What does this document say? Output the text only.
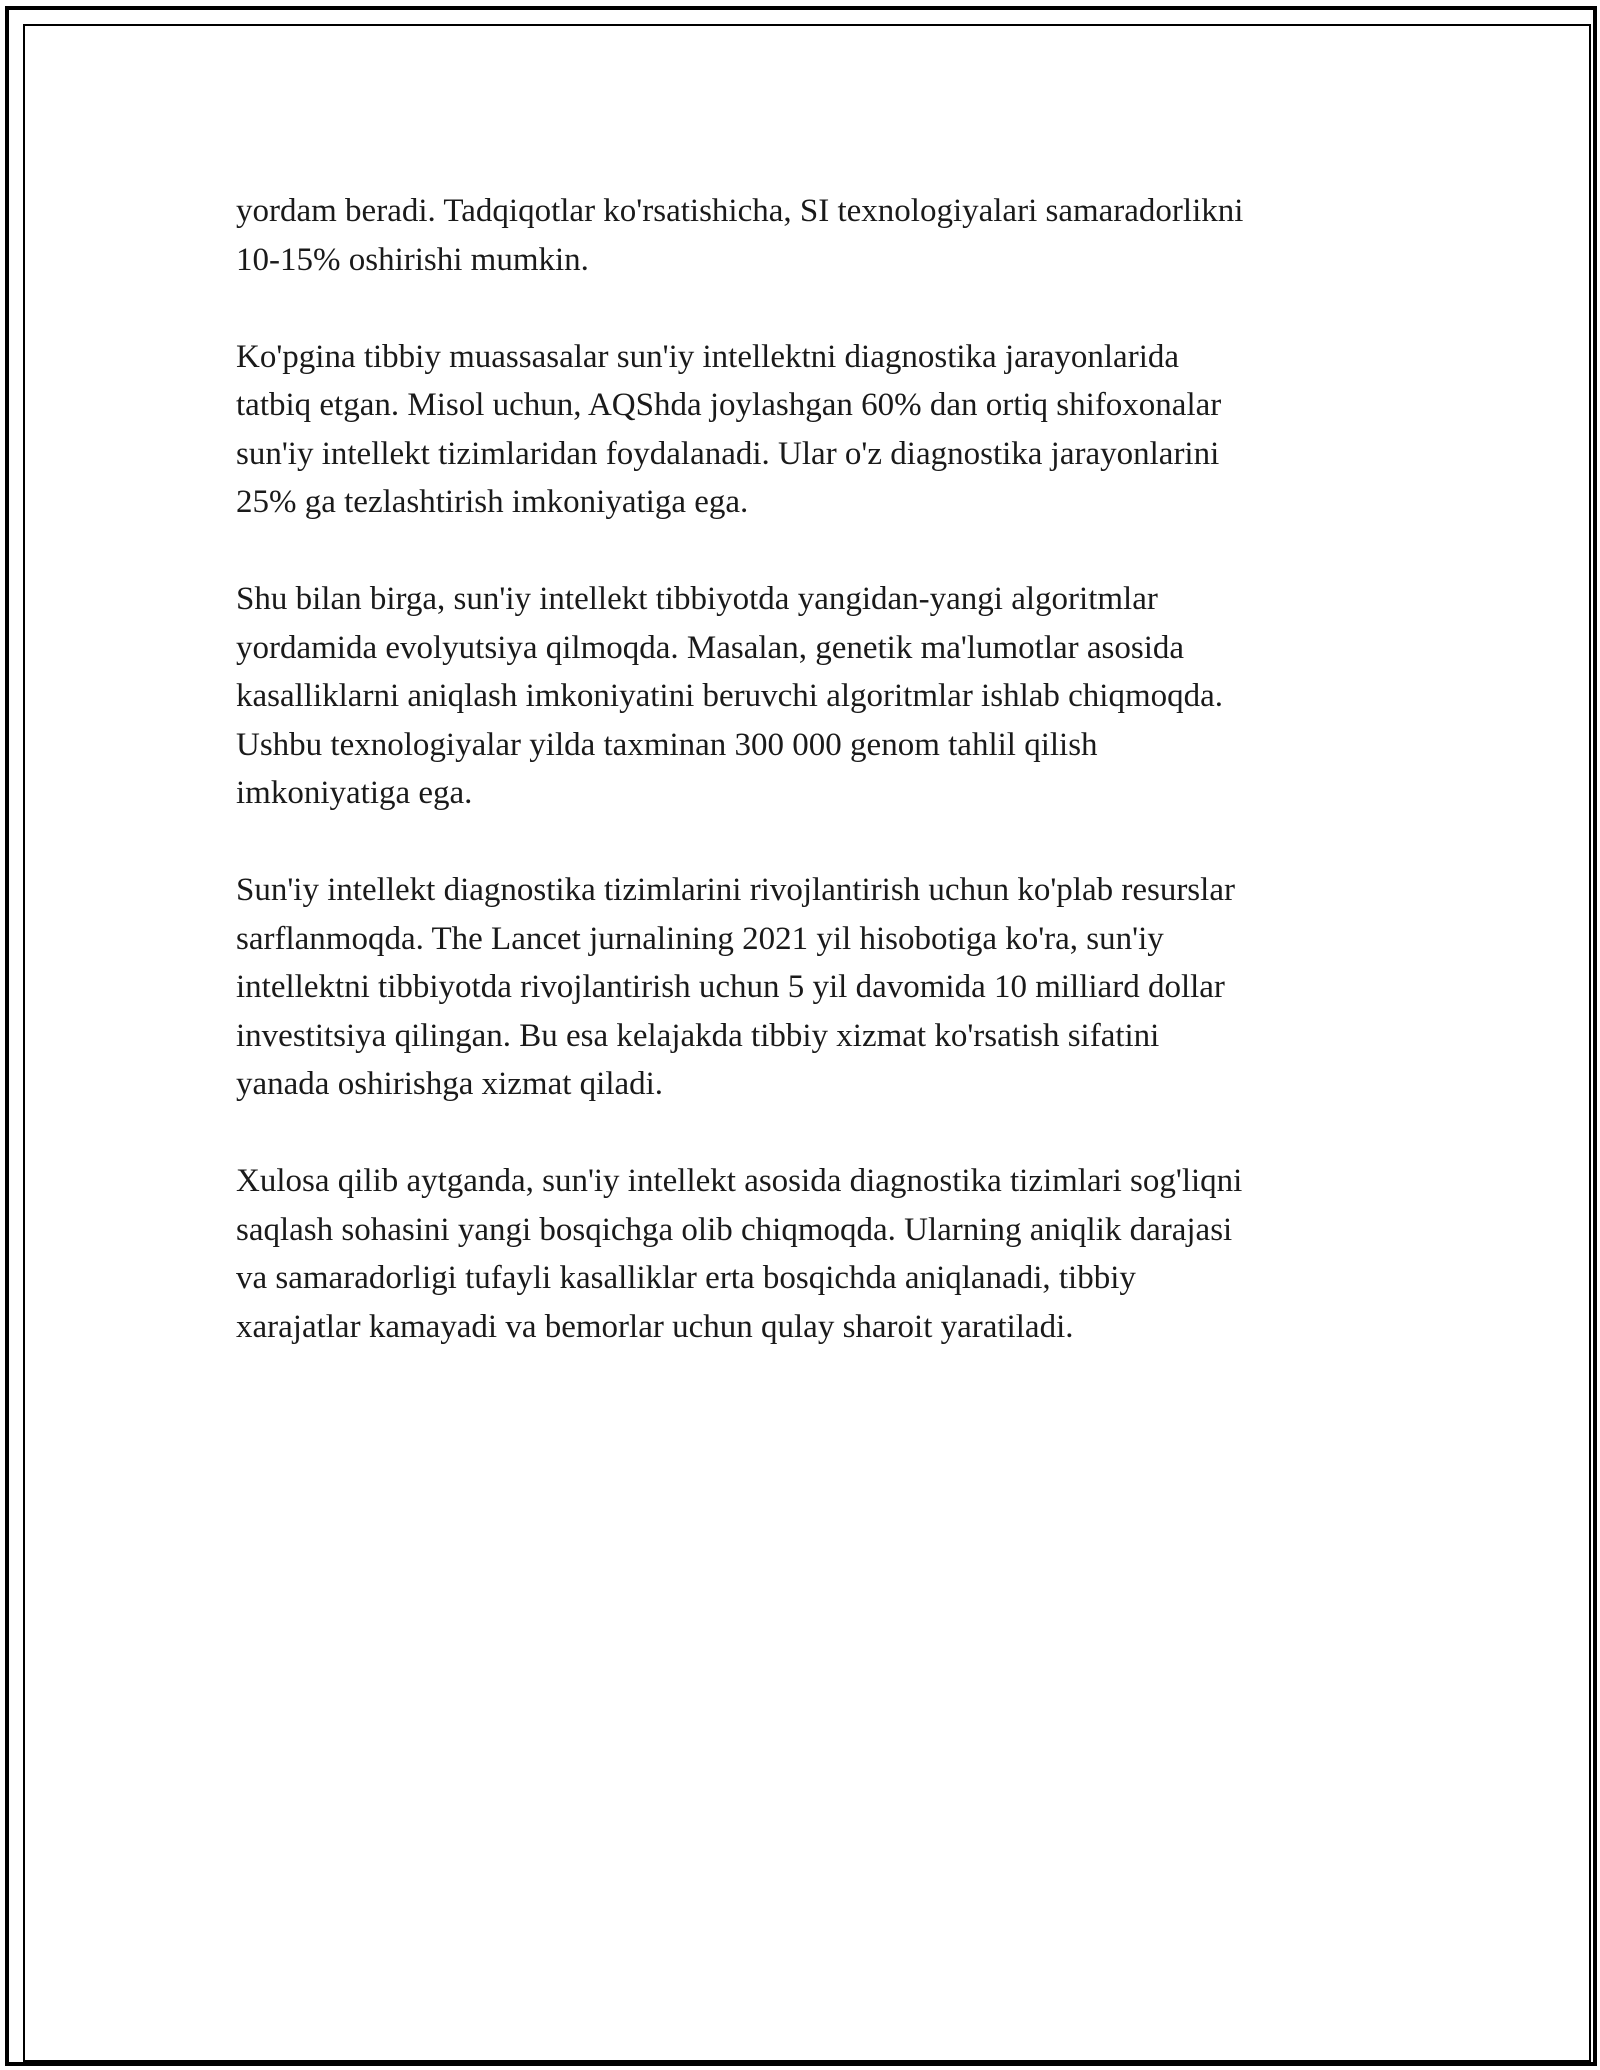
yordam beradi. Tadqiqotlar ko'rsatishicha, SI texnologiyalari samaradorlikni
10-15% oshirishi mumkin.

Ko'pgina tibbiy muassasalar sun'iy intellektni diagnostika jarayonlarida
tatbiq etgan. Misol uchun, AQShda joylashgan 60% dan ortiq shifoxonalar
sun'iy intellekt tizimlaridan foydalanadi. Ular o'z diagnostika jarayonlarini
25% ga tezlashtirish imkoniyatiga ega.

Shu bilan birga, sun'iy intellekt tibbiyotda yangidan-yangi algoritmlar
yordamida evolyutsiya qilmoqda. Masalan, genetik ma'lumotlar asosida
kasalliklarni aniqlash imkoniyatini beruvchi algoritmlar ishlab chiqmoqda.
Ushbu texnologiyalar yilda taxminan 300 000 genom tahlil qilish
imkoniyatiga ega.

Sun'iy intellekt diagnostika tizimlarini rivojlantirish uchun ko'plab resurslar
sarflanmoqda. The Lancet jurnalining 2021 yil hisobotiga ko'ra, sun'iy
intellektni tibbiyotda rivojlantirish uchun 5 yil davomida 10 milliard dollar
investitsiya qilingan. Bu esa kelajakda tibbiy xizmat ko'rsatish sifatini
yanada oshirishga xizmat qiladi.

Xulosa qilib aytganda, sun'iy intellekt asosida diagnostika tizimlari sog'liqni
saqlash sohasini yangi bosqichga olib chiqmoqda. Ularning aniqlik darajasi
va samaradorligi tufayli kasalliklar erta bosqichda aniqlanadi, tibbiy
xarajatlar kamayadi va bemorlar uchun qulay sharoit yaratiladi.
